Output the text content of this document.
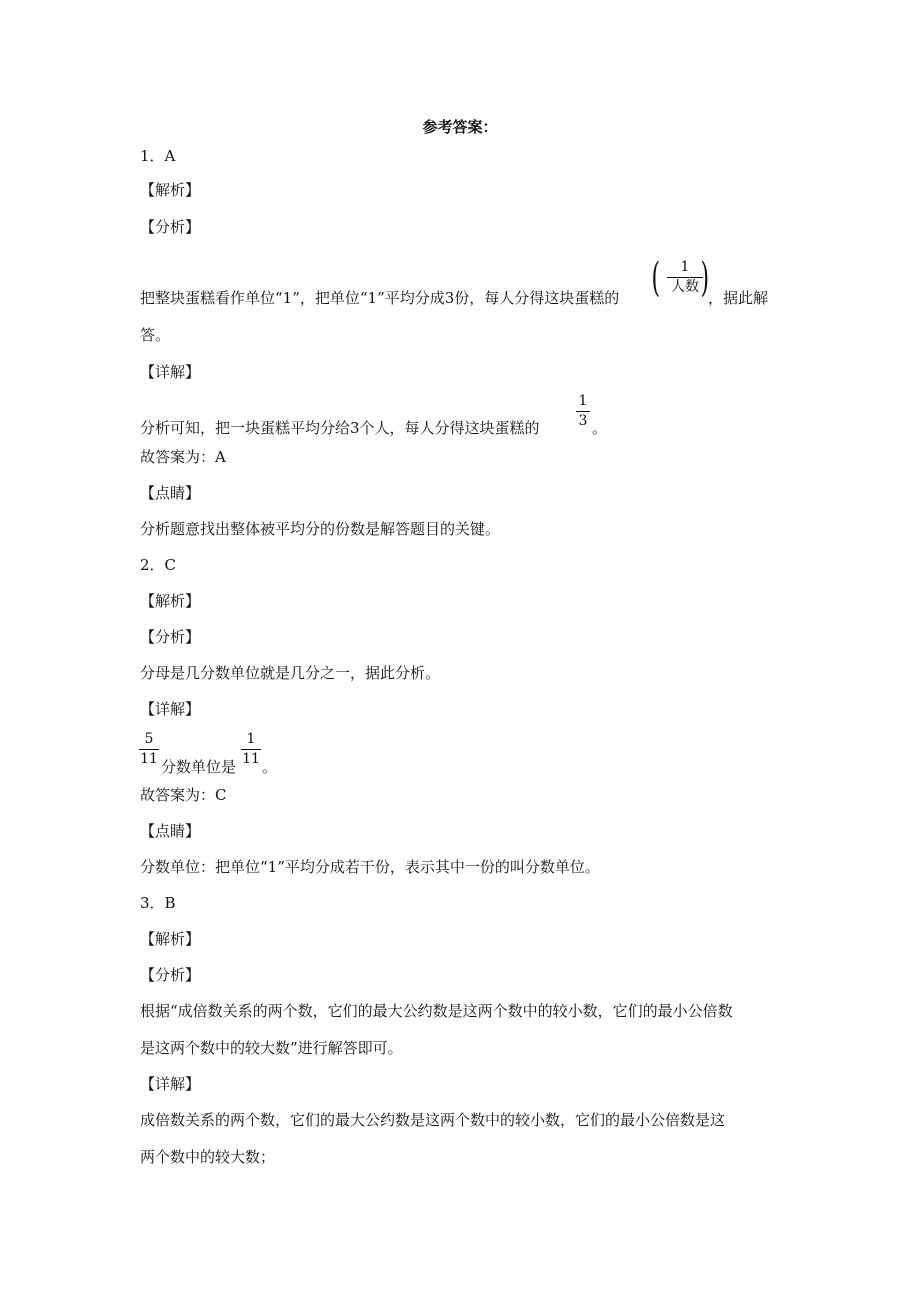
参考答案：
1．A
【解析】
【分析】
把整块蛋糕看作单位“1”，把单位“1”平均分成3份，每人分得这块蛋糕的 ( 1
人数 )
，据此解
答。
【详解】
分析可知，把一块蛋糕平均分给3个人，每人分得这块蛋糕的
1
3 。
故答案为：A
【点睛】
分析题意找出整体被平均分的份数是解答题目的关键。
2．C
【解析】
【分析】
分母是几分数单位就是几分之一，据此分析。
【详解】
5
11 分数单位是
1
11 。
故答案为：C
【点睛】
分数单位：把单位“1”平均分成若干份，表示其中一份的叫分数单位。
3．B
【解析】
【分析】
根据“成倍数关系的两个数，它们的最大公约数是这两个数中的较小数，它们的最小公倍数
是这两个数中的较大数”进行解答即可。
【详解】
成倍数关系的两个数，它们的最大公约数是这两个数中的较小数，它们的最小公倍数是这
两个数中的较大数；
